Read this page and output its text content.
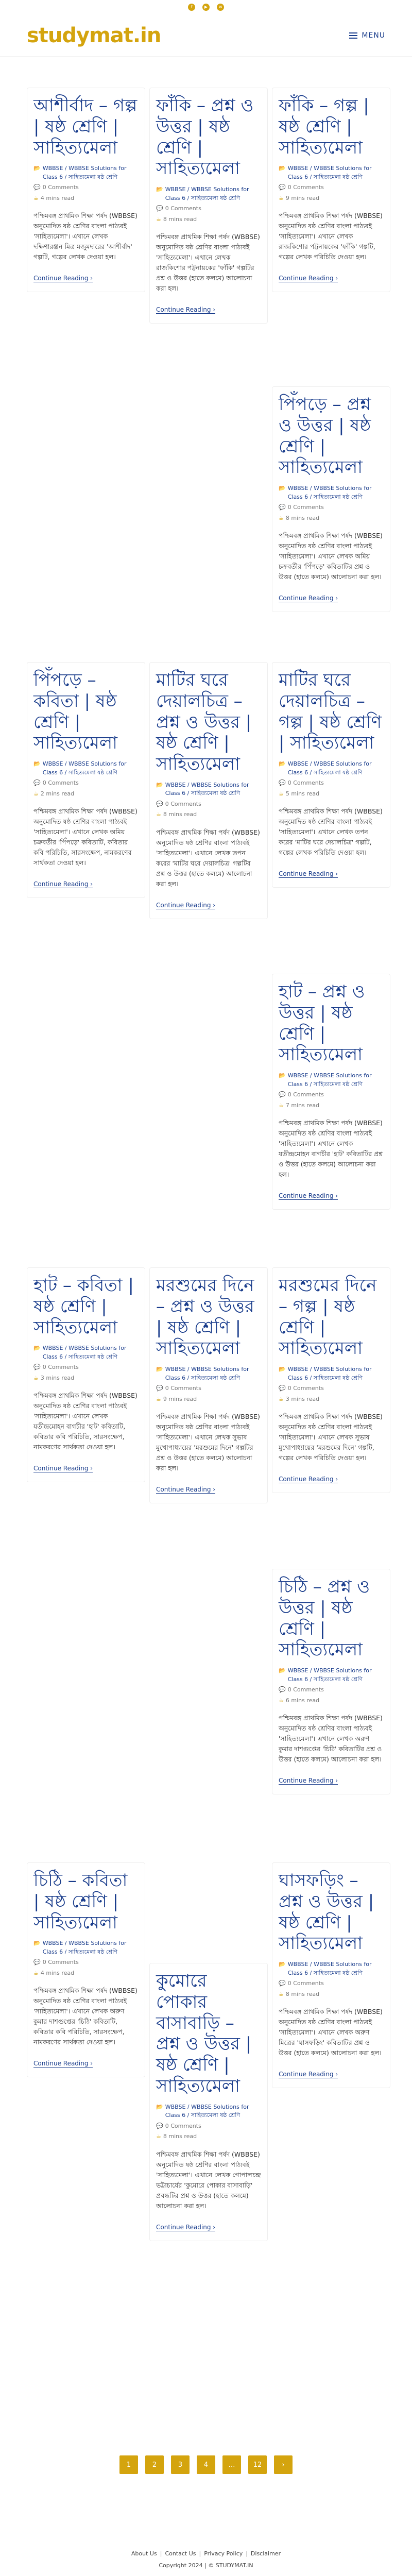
f	▶	✉
studymat.in	MENU
আশীর্বাদ – গল্প | ষষ্ঠ শ্রেণি | সাহিত্যমেলা
📂 WBBSE / WBBSE Solutions for Class 6 / সাহিত্যমেলা ষষ্ঠ শ্রেণি
💬 0 Comments
☕ 4 mins read

পশ্চিমবঙ্গ প্রাথমিক শিক্ষা পর্ষদ (WBBSE) অনুমোদিত ষষ্ঠ শ্রেণির বাংলা পাঠ্যবই 'সাহিত্যমেলা'। এখানে লেখক দক্ষিণারঞ্জন মিত্র মজুমদারের 'আশীর্বাদ' গল্পটি, গল্পের লেখক দেওয়া হল।

Continue Reading ›
ফাঁকি – প্রশ্ন ও উত্তর | ষষ্ঠ শ্রেণি | সাহিত্যমেলা
📂 WBBSE / WBBSE Solutions for Class 6 / সাহিত্যমেলা ষষ্ঠ শ্রেণি
💬 0 Comments
☕ 8 mins read

পশ্চিমবঙ্গ প্রাথমিক শিক্ষা পর্ষদ (WBBSE) অনুমোদিত ষষ্ঠ শ্রেণির বাংলা পাঠ্যবই 'সাহিত্যমেলা'। এখানে লেখক রাজকিশোর পট্টনায়কের 'ফাঁকি' গল্পটির প্রশ্ন ও উত্তর (হাতে কলমে) আলোচনা করা হল।

Continue Reading ›
ফাঁকি – গল্প | ষষ্ঠ শ্রেণি | সাহিত্যমেলা
📂 WBBSE / WBBSE Solutions for Class 6 / সাহিত্যমেলা ষষ্ঠ শ্রেণি
💬 0 Comments
☕ 9 mins read

পশ্চিমবঙ্গ প্রাথমিক শিক্ষা পর্ষদ (WBBSE) অনুমোদিত ষষ্ঠ শ্রেণির বাংলা পাঠ্যবই 'সাহিত্যমেলা'। এখানে লেখক রাজকিশোর পট্টনায়কের 'ফাঁকি' গল্পটি, গল্পের লেখক পরিচিতি দেওয়া হল।

Continue Reading ›
পিঁপড়ে – প্রশ্ন ও উত্তর | ষষ্ঠ শ্রেণি | সাহিত্যমেলা
📂 WBBSE / WBBSE Solutions for Class 6 / সাহিত্যমেলা ষষ্ঠ শ্রেণি
💬 0 Comments
☕ 8 mins read

পশ্চিমবঙ্গ প্রাথমিক শিক্ষা পর্ষদ (WBBSE) অনুমোদিত ষষ্ঠ শ্রেণির বাংলা পাঠ্যবই 'সাহিত্যমেলা'। এখানে লেখক অমিয় চক্রবর্তীর 'পিঁপড়ে' কবিতাটির প্রশ্ন ও উত্তর (হাতে কলমে) আলোচনা করা হল।

Continue Reading ›
পিঁপড়ে – কবিতা | ষষ্ঠ শ্রেণি | সাহিত্যমেলা
📂 WBBSE / WBBSE Solutions for Class 6 / সাহিত্যমেলা ষষ্ঠ শ্রেণি
💬 0 Comments
☕ 2 mins read

পশ্চিমবঙ্গ প্রাথমিক শিক্ষা পর্ষদ (WBBSE) অনুমোদিত ষষ্ঠ শ্রেণির বাংলা পাঠ্যবই 'সাহিত্যমেলা'। এখানে লেখক অমিয় চক্রবর্তীর 'পিঁপড়ে' কবিতাটি, কবিতার কবি পরিচিতি, সারসংক্ষেপ, নামকরণের সার্থকতা দেওয়া হল।

Continue Reading ›
মাটির ঘরে দেয়ালচিত্র – প্রশ্ন ও উত্তর | ষষ্ঠ শ্রেণি | সাহিত্যমেলা
📂 WBBSE / WBBSE Solutions for Class 6 / সাহিত্যমেলা ষষ্ঠ শ্রেণি
💬 0 Comments
☕ 8 mins read

পশ্চিমবঙ্গ প্রাথমিক শিক্ষা পর্ষদ (WBBSE) অনুমোদিত ষষ্ঠ শ্রেণির বাংলা পাঠ্যবই 'সাহিত্যমেলা'। এখানে লেখক তপন করের 'মাটির ঘরে দেয়ালচিত্র' গল্পটির প্রশ্ন ও উত্তর (হাতে কলমে) আলোচনা করা হল।

Continue Reading ›
মাটির ঘরে দেয়ালচিত্র – গল্প | ষষ্ঠ শ্রেণি | সাহিত্যমেলা
📂 WBBSE / WBBSE Solutions for Class 6 / সাহিত্যমেলা ষষ্ঠ শ্রেণি
💬 0 Comments
☕ 5 mins read

পশ্চিমবঙ্গ প্রাথমিক শিক্ষা পর্ষদ (WBBSE) অনুমোদিত ষষ্ঠ শ্রেণির বাংলা পাঠ্যবই 'সাহিত্যমেলা'। এখানে লেখক তপন করের 'মাটির ঘরে দেয়ালচিত্র' গল্পটি, গল্পের লেখক পরিচিতি দেওয়া হল।

Continue Reading ›
হাট – প্রশ্ন ও উত্তর | ষষ্ঠ শ্রেণি | সাহিত্যমেলা
📂 WBBSE / WBBSE Solutions for Class 6 / সাহিত্যমেলা ষষ্ঠ শ্রেণি
💬 0 Comments
☕ 7 mins read

পশ্চিমবঙ্গ প্রাথমিক শিক্ষা পর্ষদ (WBBSE) অনুমোদিত ষষ্ঠ শ্রেণির বাংলা পাঠ্যবই 'সাহিত্যমেলা'। এখানে লেখক যতীন্দ্রমোহন বাগচীর 'হাট' কবিতাটির প্রশ্ন ও উত্তর (হাতে কলমে) আলোচনা করা হল।

Continue Reading ›
হাট – কবিতা | ষষ্ঠ শ্রেণি | সাহিত্যমেলা
📂 WBBSE / WBBSE Solutions for Class 6 / সাহিত্যমেলা ষষ্ঠ শ্রেণি
💬 0 Comments
☕ 3 mins read

পশ্চিমবঙ্গ প্রাথমিক শিক্ষা পর্ষদ (WBBSE) অনুমোদিত ষষ্ঠ শ্রেণির বাংলা পাঠ্যবই 'সাহিত্যমেলা'। এখানে লেখক যতীন্দ্রমোহন বাগচীর 'হাট' কবিতাটি, কবিতার কবি পরিচিতি, সারসংক্ষেপ, নামকরণের সার্থকতা দেওয়া হল।

Continue Reading ›
মরশুমের দিনে – প্রশ্ন ও উত্তর | ষষ্ঠ শ্রেণি | সাহিত্যমেলা
📂 WBBSE / WBBSE Solutions for Class 6 / সাহিত্যমেলা ষষ্ঠ শ্রেণি
💬 0 Comments
☕ 9 mins read

পশ্চিমবঙ্গ প্রাথমিক শিক্ষা পর্ষদ (WBBSE) অনুমোদিত ষষ্ঠ শ্রেণির বাংলা পাঠ্যবই 'সাহিত্যমেলা'। এখানে লেখক সুভাষ মুখোপাধ্যায়ের 'মরশুমের দিনে' গল্পটির প্রশ্ন ও উত্তর (হাতে কলমে) আলোচনা করা হল।

Continue Reading ›
মরশুমের দিনে – গল্প | ষষ্ঠ শ্রেণি | সাহিত্যমেলা
📂 WBBSE / WBBSE Solutions for Class 6 / সাহিত্যমেলা ষষ্ঠ শ্রেণি
💬 0 Comments
☕ 3 mins read

পশ্চিমবঙ্গ প্রাথমিক শিক্ষা পর্ষদ (WBBSE) অনুমোদিত ষষ্ঠ শ্রেণির বাংলা পাঠ্যবই 'সাহিত্যমেলা'। এখানে লেখক সুভাষ মুখোপাধ্যায়ের 'মরশুমের দিনে' গল্পটি, গল্পের লেখক পরিচিতি দেওয়া হল।

Continue Reading ›
চিঠি – প্রশ্ন ও উত্তর | ষষ্ঠ শ্রেণি | সাহিত্যমেলা
📂 WBBSE / WBBSE Solutions for Class 6 / সাহিত্যমেলা ষষ্ঠ শ্রেণি
💬 0 Comments
☕ 6 mins read

পশ্চিমবঙ্গ প্রাথমিক শিক্ষা পর্ষদ (WBBSE) অনুমোদিত ষষ্ঠ শ্রেণির বাংলা পাঠ্যবই 'সাহিত্যমেলা'। এখানে লেখক অরুণ কুমার দাশগুপ্তের 'চিঠি' কবিতাটির প্রশ্ন ও উত্তর (হাতে কলমে) আলোচনা করা হল।

Continue Reading ›
চিঠি – কবিতা | ষষ্ঠ শ্রেণি | সাহিত্যমেলা
📂 WBBSE / WBBSE Solutions for Class 6 / সাহিত্যমেলা ষষ্ঠ শ্রেণি
💬 0 Comments
☕ 4 mins read

পশ্চিমবঙ্গ প্রাথমিক শিক্ষা পর্ষদ (WBBSE) অনুমোদিত ষষ্ঠ শ্রেণির বাংলা পাঠ্যবই 'সাহিত্যমেলা'। এখানে লেখক অরুণ কুমার দাশগুপ্তের 'চিঠি' কবিতাটি, কবিতার কবি পরিচিতি, সারসংক্ষেপ, নামকরণের সার্থকতা দেওয়া হল।

Continue Reading ›
কুমোরে পোকার বাসাবাড়ি – প্রশ্ন ও উত্তর | ষষ্ঠ শ্রেণি | সাহিত্যমেলা
📂 WBBSE / WBBSE Solutions for Class 6 / সাহিত্যমেলা ষষ্ঠ শ্রেণি
💬 0 Comments
☕ 8 mins read

পশ্চিমবঙ্গ প্রাথমিক শিক্ষা পর্ষদ (WBBSE) অনুমোদিত ষষ্ঠ শ্রেণির বাংলা পাঠ্যবই 'সাহিত্যমেলা'। এখানে লেখক গোপালচন্দ্র ভট্টাচার্যের 'কুমোরে পোকার বাসাবাড়ি' প্রবন্ধটির প্রশ্ন ও উত্তর (হাতে কলমে) আলোচনা করা হল।

Continue Reading ›
ঘাসফড়িং – প্রশ্ন ও উত্তর | ষষ্ঠ শ্রেণি | সাহিত্যমেলা
📂 WBBSE / WBBSE Solutions for Class 6 / সাহিত্যমেলা ষষ্ঠ শ্রেণি
💬 0 Comments
☕ 8 mins read

পশ্চিমবঙ্গ প্রাথমিক শিক্ষা পর্ষদ (WBBSE) অনুমোদিত ষষ্ঠ শ্রেণির বাংলা পাঠ্যবই 'সাহিত্যমেলা'। এখানে লেখক অরুণ মিত্রের 'ঘাসফড়িং' কবিতাটির প্রশ্ন ও উত্তর (হাতে কলমে) আলোচনা করা হল।

Continue Reading ›
1	2	3	4	…	12	›
About Us | Contact Us | Privacy Policy | Disclaimer
Copyright 2024 | © STUDYMAT.IN
